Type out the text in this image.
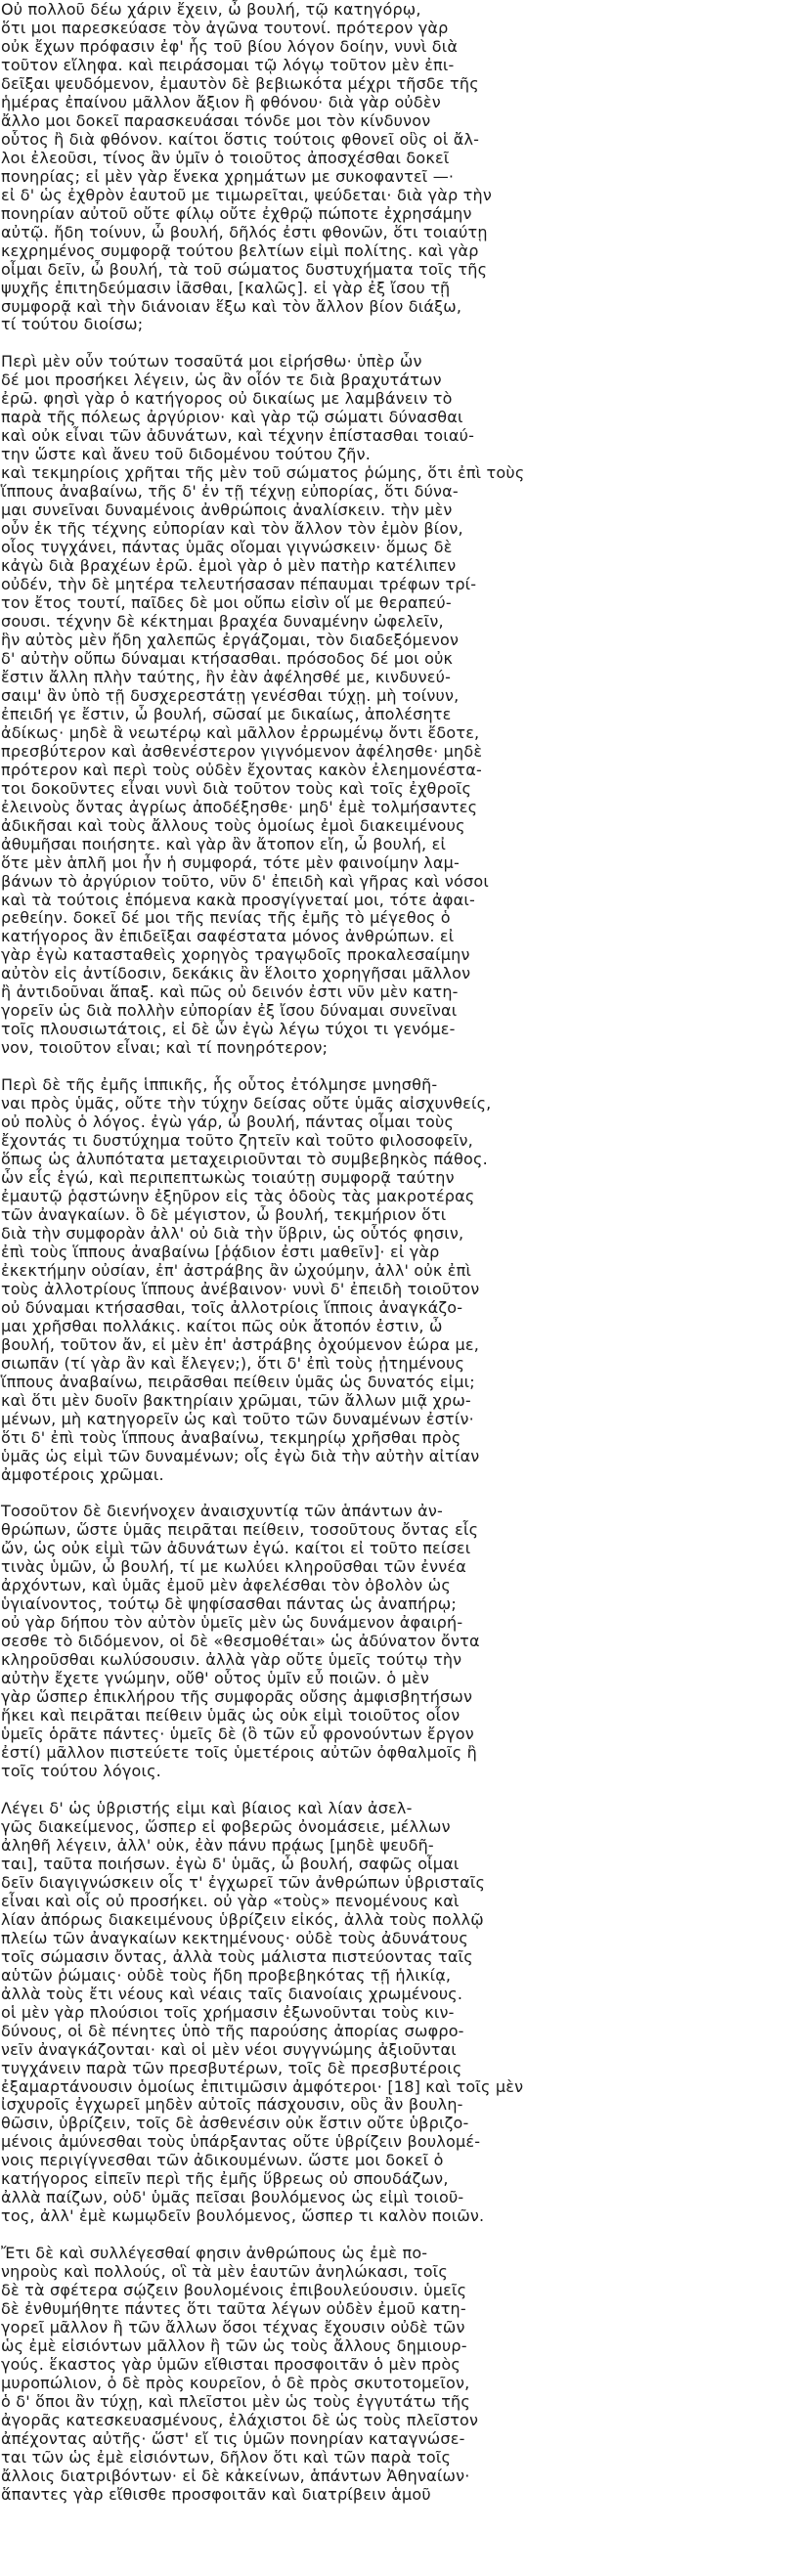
Οὐ πολλοῦ δέω χάριν ἔχειν, ὦ βουλή, τῷ κατηγόρῳ,
ὅτι μοι παρεσκεύασε τὸν ἀγῶνα τουτονί. πρότερον γὰρ
οὐκ ἔχων πρόφασιν ἐφ' ἧς τοῦ βίου λόγον δοίην, νυνὶ διὰ
τοῦτον εἴληφα. καὶ πειράσομαι τῷ λόγῳ τοῦτον μὲν ἐπι-
δεῖξαι ψευδόμενον, ἐμαυτὸν δὲ βεβιωκότα μέχρι τῆσδε τῆς
ἡμέρας ἐπαίνου μᾶλλον ἄξιον ἢ φθόνου· διὰ γὰρ οὐδὲν
ἄλλο μοι δοκεῖ παρασκευάσαι τόνδε μοι τὸν κίνδυνον
οὗτος ἢ διὰ φθόνον. καίτοι ὅστις τούτοις φθονεῖ οὓς οἱ ἄλ-
λοι ἐλεοῦσι, τίνος ἂν ὑμῖν ὁ τοιοῦτος ἀποσχέσθαι δοκεῖ
πονηρίας; εἰ μὲν γὰρ ἕνεκα χρημάτων με συκοφαντεῖ —·
εἰ δ' ὡς ἐχθρὸν ἑαυτοῦ με τιμωρεῖται, ψεύδεται· διὰ γὰρ τὴν
πονηρίαν αὐτοῦ οὔτε φίλῳ οὔτε ἐχθρῷ πώποτε ἐχρησάμην
αὐτῷ. ἤδη τοίνυν, ὦ βουλή, δῆλός ἐστι φθονῶν, ὅτι τοιαύτῃ
κεχρημένος συμφορᾷ τούτου βελτίων εἰμὶ πολίτης. καὶ γὰρ
οἶμαι δεῖν, ὦ βουλή, τὰ τοῦ σώματος δυστυχήματα τοῖς τῆς
ψυχῆς ἐπιτηδεύμασιν ἰᾶσθαι, [καλῶς]. εἰ γὰρ ἐξ ἴσου τῇ
συμφορᾷ καὶ τὴν διάνοιαν ἕξω καὶ τὸν ἄλλον βίον διάξω,
τί τούτου διοίσω;
Περὶ μὲν οὖν τούτων τοσαῦτά μοι εἰρήσθω· ὑπὲρ ὧν
δέ μοι προσήκει λέγειν, ὡς ἂν οἷόν τε διὰ βραχυτάτων
ἐρῶ. φησὶ γὰρ ὁ κατήγορος οὐ δικαίως με λαμβάνειν τὸ
παρὰ τῆς πόλεως ἀργύριον· καὶ γὰρ τῷ σώματι δύνασθαι
καὶ οὐκ εἶναι τῶν ἀδυνάτων, καὶ τέχνην ἐπίστασθαι τοιαύ-
την ὥστε καὶ ἄνευ τοῦ διδομένου τούτου ζῆν.
καὶ τεκμηρίοις χρῆται τῆς μὲν τοῦ σώματος ῥώμης, ὅτι ἐπὶ τοὺς
ἵππους ἀναβαίνω, τῆς δ' ἐν τῇ τέχνῃ εὐπορίας, ὅτι δύνα-
μαι συνεῖναι δυναμένοις ἀνθρώποις ἀναλίσκειν. τὴν μὲν
οὖν ἐκ τῆς τέχνης εὐπορίαν καὶ τὸν ἄλλον τὸν ἐμὸν βίον,
οἷος τυγχάνει, πάντας ὑμᾶς οἴομαι γιγνώσκειν· ὅμως δὲ
κἀγὼ διὰ βραχέων ἐρῶ. ἐμοὶ γὰρ ὁ μὲν πατὴρ κατέλιπεν
οὐδέν, τὴν δὲ μητέρα τελευτήσασαν πέπαυμαι τρέφων τρί-
τον ἔτος τουτί, παῖδες δὲ μοι οὔπω εἰσὶν οἵ με θεραπεύ-
σουσι. τέχνην δὲ κέκτημαι βραχέα δυναμένην ὠφελεῖν,
ἣν αὐτὸς μὲν ἤδη χαλεπῶς ἐργάζομαι, τὸν διαδεξόμενον
δ' αὐτὴν οὔπω δύναμαι κτήσασθαι. πρόσοδος δέ μοι οὐκ
ἔστιν ἄλλη πλὴν ταύτης, ἣν ἐὰν ἀφέλησθέ με, κινδυνεύ-
σαιμ' ἂν ὑπὸ τῇ δυσχερεστάτῃ γενέσθαι τύχῃ. μὴ τοίνυν,
ἐπειδή γε ἔστιν, ὦ βουλή, σῶσαί με δικαίως, ἀπολέσητε
ἀδίκως· μηδὲ ἃ νεωτέρῳ καὶ μᾶλλον ἐρρωμένῳ ὄντι ἔδοτε,
πρεσβύτερον καὶ ἀσθενέστερον γιγνόμενον ἀφέλησθε· μηδὲ
πρότερον καὶ περὶ τοὺς οὐδὲν ἔχοντας κακὸν ἐλεημονέστα-
τοι δοκοῦντες εἶναι νυνὶ διὰ τοῦτον τοὺς καὶ τοῖς ἐχθροῖς
ἐλεινοὺς ὄντας ἀγρίως ἀποδέξησθε· μηδ' ἐμὲ τολμήσαντες
ἀδικῆσαι καὶ τοὺς ἄλλους τοὺς ὁμοίως ἐμοὶ διακειμένους
ἀθυμῆσαι ποιήσητε. καὶ γὰρ ἂν ἄτοπον εἴη, ὦ βουλή, εἰ
ὅτε μὲν ἁπλῆ μοι ἦν ἡ συμφορά, τότε μὲν φαινοίμην λαμ-
βάνων τὸ ἀργύριον τοῦτο, νῦν δ' ἐπειδὴ καὶ γῆρας καὶ νόσοι
καὶ τὰ τούτοις ἑπόμενα κακὰ προσγίγνεταί μοι, τότε ἀφαι-
ρεθείην. δοκεῖ δέ μοι τῆς πενίας τῆς ἐμῆς τὸ μέγεθος ὁ
κατήγορος ἂν ἐπιδεῖξαι σαφέστατα μόνος ἀνθρώπων. εἰ
γὰρ ἐγὼ κατασταθεὶς χορηγὸς τραγῳδοῖς προκαλεσαίμην
αὐτὸν εἰς ἀντίδοσιν, δεκάκις ἂν ἕλοιτο χορηγῆσαι μᾶλλον
ἢ ἀντιδοῦναι ἅπαξ. καὶ πῶς οὐ δεινόν ἐστι νῦν μὲν κατη-
γορεῖν ὡς διὰ πολλὴν εὐπορίαν ἐξ ἴσου δύναμαι συνεῖναι
τοῖς πλουσιωτάτοις, εἰ δὲ ὧν ἐγὼ λέγω τύχοι τι γενόμε-
νον, τοιοῦτον εἶναι; καὶ τί πονηρότερον;
Περὶ δὲ τῆς ἐμῆς ἱππικῆς, ἧς οὗτος ἐτόλμησε μνησθῆ-
ναι πρὸς ὑμᾶς, οὔτε τὴν τύχην δείσας οὔτε ὑμᾶς αἰσχυνθείς,
οὐ πολὺς ὁ λόγος. ἐγὼ γάρ, ὦ βουλή, πάντας οἶμαι τοὺς
ἔχοντάς τι δυστύχημα τοῦτο ζητεῖν καὶ τοῦτο φιλοσοφεῖν,
ὅπως ὡς ἀλυπότατα μεταχειριοῦνται τὸ συμβεβηκὸς πάθος.
ὧν εἷς ἐγώ, καὶ περιπεπτωκὼς τοιαύτῃ συμφορᾷ ταύτην
ἐμαυτῷ ῥᾳστώνην ἐξηῦρον εἰς τὰς ὁδοὺς τὰς μακροτέρας
τῶν ἀναγκαίων. ὃ δὲ μέγιστον, ὦ βουλή, τεκμήριον ὅτι
διὰ τὴν συμφορὰν ἀλλ' οὐ διὰ τὴν ὕβριν, ὡς οὗτός φησιν,
ἐπὶ τοὺς ἵππους ἀναβαίνω [ῥᾴδιον ἐστι μαθεῖν]· εἰ γὰρ
ἐκεκτήμην οὐσίαν, ἐπ' ἀστράβης ἂν ὠχούμην, ἀλλ' οὐκ ἐπὶ
τοὺς ἀλλοτρίους ἵππους ἀνέβαινον· νυνὶ δ' ἐπειδὴ τοιοῦτον
οὐ δύναμαι κτήσασθαι, τοῖς ἀλλοτρίοις ἵπποις ἀναγκάζο-
μαι χρῆσθαι πολλάκις. καίτοι πῶς οὐκ ἄτοπόν ἐστιν, ὦ
βουλή, τοῦτον ἄν, εἰ μὲν ἐπ' ἀστράβης ὀχούμενον ἑώρα με,
σιωπᾶν (τί γὰρ ἂν καὶ ἔλεγεν;), ὅτι δ' ἐπὶ τοὺς ᾐτημένους
ἵππους ἀναβαίνω, πειρᾶσθαι πείθειν ὑμᾶς ὡς δυνατός εἰμι;
καὶ ὅτι μὲν δυοῖν βακτηρίαιν χρῶμαι, τῶν ἄλλων μιᾷ χρω-
μένων, μὴ κατηγορεῖν ὡς καὶ τοῦτο τῶν δυναμένων ἐστίν·
ὅτι δ' ἐπὶ τοὺς ἵππους ἀναβαίνω, τεκμηρίῳ χρῆσθαι πρὸς
ὑμᾶς ὡς εἰμὶ τῶν δυναμένων; οἷς ἐγὼ διὰ τὴν αὐτὴν αἰτίαν
ἀμφοτέροις χρῶμαι.
Τοσοῦτον δὲ διενήνοχεν ἀναισχυντίᾳ τῶν ἁπάντων ἀν-
θρώπων, ὥστε ὑμᾶς πειρᾶται πείθειν, τοσοῦτους ὄντας εἷς
ὤν, ὡς οὐκ εἰμὶ τῶν ἀδυνάτων ἐγώ. καίτοι εἰ τοῦτο πείσει
τινὰς ὑμῶν, ὦ βουλή, τί με κωλύει κληροῦσθαι τῶν ἐννέα
ἀρχόντων, καὶ ὑμᾶς ἐμοῦ μὲν ἀφελέσθαι τὸν ὀβολὸν ὡς
ὑγιαίνοντος, τούτῳ δὲ ψηφίσασθαι πάντας ὡς ἀναπήρῳ;
οὐ γὰρ δήπου τὸν αὐτὸν ὑμεῖς μὲν ὡς δυνάμενον ἀφαιρή-
σεσθε τὸ διδόμενον, οἱ δὲ «θεσμοθέται» ὡς ἀδύνατον ὄντα
κληροῦσθαι κωλύσουσιν. ἀλλὰ γὰρ οὔτε ὑμεῖς τούτῳ τὴν
αὐτὴν ἔχετε γνώμην, οὔθ' οὗτος ὑμῖν εὖ ποιῶν. ὁ μὲν
γὰρ ὥσπερ ἐπικλήρου τῆς συμφορᾶς οὔσης ἀμφισβητήσων
ἥκει καὶ πειρᾶται πείθειν ὑμᾶς ὡς οὐκ εἰμὶ τοιοῦτος οἷον
ὑμεῖς ὁρᾶτε πάντες· ὑμεῖς δὲ (ὃ τῶν εὖ φρονούντων ἔργον
ἐστί) μᾶλλον πιστεύετε τοῖς ὑμετέροις αὐτῶν ὀφθαλμοῖς ἢ
τοῖς τούτου λόγοις.
Λέγει δ' ὡς ὑβριστής εἰμι καὶ βίαιος καὶ λίαν ἀσελ-
γῶς διακείμενος, ὥσπερ εἰ φοβερῶς ὀνομάσειε, μέλλων
ἀληθῆ λέγειν, ἀλλ' οὐκ, ἐὰν πάνυ πρᾴως [μηδὲ ψευδῆ-
ται], ταῦτα ποιήσων. ἐγὼ δ' ὑμᾶς, ὦ βουλή, σαφῶς οἶμαι
δεῖν διαγιγνώσκειν οἷς τ' ἐγχωρεῖ τῶν ἀνθρώπων ὑβρισταῖς
εἶναι καὶ οἷς οὐ προσήκει. οὐ γὰρ «τοὺς» πενομένους καὶ
λίαν ἀπόρως διακειμένους ὑβρίζειν εἰκός, ἀλλὰ τοὺς πολλῷ
πλείω τῶν ἀναγκαίων κεκτημένους· οὐδὲ τοὺς ἀδυνάτους
τοῖς σώμασιν ὄντας, ἀλλὰ τοὺς μάλιστα πιστεύοντας ταῖς
αὑτῶν ῥώμαις· οὐδὲ τοὺς ἤδη προβεβηκότας τῇ ἡλικίᾳ,
ἀλλὰ τοὺς ἔτι νέους καὶ νέαις ταῖς διανοίαις χρωμένους.
οἱ μὲν γὰρ πλούσιοι τοῖς χρήμασιν ἐξωνοῦνται τοὺς κιν-
δύνους, οἱ δὲ πένητες ὑπὸ τῆς παρούσης ἀπορίας σωφρο-
νεῖν ἀναγκάζονται· καὶ οἱ μὲν νέοι συγγνώμης ἀξιοῦνται
τυγχάνειν παρὰ τῶν πρεσβυτέρων, τοῖς δὲ πρεσβυτέροις
ἐξαμαρτάνουσιν ὁμοίως ἐπιτιμῶσιν ἀμφότεροι· [18] καὶ τοῖς μὲν
ἰσχυροῖς ἐγχωρεῖ μηδὲν αὐτοῖς πάσχουσιν, οὓς ἂν βουλη-
θῶσιν, ὑβρίζειν, τοῖς δὲ ἀσθενέσιν οὐκ ἔστιν οὔτε ὑβριζο-
μένοις ἀμύνεσθαι τοὺς ὑπάρξαντας οὔτε ὑβρίζειν βουλομέ-
νοις περιγίγνεσθαι τῶν ἀδικουμένων. ὥστε μοι δοκεῖ ὁ
κατήγορος εἰπεῖν περὶ τῆς ἐμῆς ὕβρεως οὐ σπουδάζων,
ἀλλὰ παίζων, οὐδ' ὑμᾶς πεῖσαι βουλόμενος ὡς εἰμὶ τοιοῦ-
τος, ἀλλ' ἐμὲ κωμῳδεῖν βουλόμενος, ὥσπερ τι καλὸν ποιῶν.
Ἔτι δὲ καὶ συλλέγεσθαί φησιν ἀνθρώπους ὡς ἐμὲ πο-
νηροὺς καὶ πολλούς, οἳ τὰ μὲν ἑαυτῶν ἀνηλώκασι, τοῖς
δὲ τὰ σφέτερα σῴζειν βουλομένοις ἐπιβουλεύουσιν. ὑμεῖς
δὲ ἐνθυμήθητε πάντες ὅτι ταῦτα λέγων οὐδὲν ἐμοῦ κατη-
γορεῖ μᾶλλον ἢ τῶν ἄλλων ὅσοι τέχνας ἔχουσιν οὐδὲ τῶν
ὡς ἐμὲ εἰσιόντων μᾶλλον ἢ τῶν ὡς τοὺς ἄλλους δημιουρ-
γούς. ἕκαστος γὰρ ὑμῶν εἴθισται προσφοιτᾶν ὁ μὲν πρὸς
μυροπώλιον, ὁ δὲ πρὸς κουρεῖον, ὁ δὲ πρὸς σκυτοτομεῖον,
ὁ δ' ὅποι ἂν τύχῃ, καὶ πλεῖστοι μὲν ὡς τοὺς ἐγγυτάτω τῆς
ἀγορᾶς κατεσκευασμένους, ἐλάχιστοι δὲ ὡς τοὺς πλεῖστον
ἀπέχοντας αὐτῆς· ὥστ' εἴ τις ὑμῶν πονηρίαν καταγνώσε-
ται τῶν ὡς ἐμὲ εἰσιόντων, δῆλον ὅτι καὶ τῶν παρὰ τοῖς
ἄλλοις διατριβόντων· εἰ δὲ κἀκείνων, ἁπάντων Ἀθηναίων·
ἅπαντες γὰρ εἴθισθε προσφοιτᾶν καὶ διατρίβειν ἁμοῦ
